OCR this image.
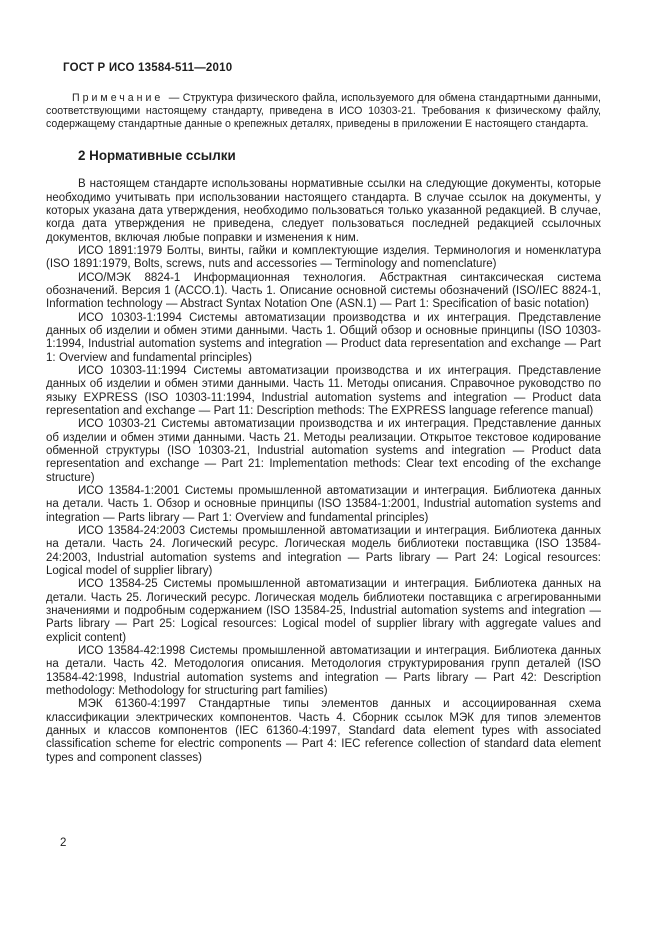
ГОСТ Р ИСО 13584-511—2010

Примечание — Структура физического файла, используемого для обмена стандартными данными, соответствующими настоящему стандарту, приведена в ИСО 10303-21. Требования к физическому файлу, содержащему стандартные данные о крепежных деталях, приведены в приложении Е настоящего стандарта.

2 Нормативные ссылки

В настоящем стандарте использованы нормативные ссылки на следующие документы, которые необходимо учитывать при использовании настоящего стандарта. В случае ссылок на документы, у которых указана дата утверждения, необходимо пользоваться только указанной редакцией. В случае, когда дата утверждения не приведена, следует пользоваться последней редакцией ссылочных документов, включая любые поправки и изменения к ним.

ИСО 1891:1979 Болты, винты, гайки и комплектующие изделия. Терминология и номенклатура (ISO 1891:1979, Bolts, screws, nuts and accessories — Terminology and nomenclature)

ИСО/МЭК 8824-1 Информационная технология. Абстрактная синтаксическая система обозначений. Версия 1 (АССО.1). Часть 1. Описание основной системы обозначений (ISO/IEC 8824-1, Information technology — Abstract Syntax Notation One (ASN.1) — Part 1: Specification of basic notation)

ИСО 10303-1:1994 Системы автоматизации производства и их интеграция. Представление данных об изделии и обмен этими данными. Часть 1. Общий обзор и основные принципы (ISO 10303-1:1994, Industrial automation systems and integration — Product data representation and exchange — Part 1: Overview and fundamental principles)

ИСО 10303-11:1994 Системы автоматизации производства и их интеграция. Представление данных об изделии и обмен этими данными. Часть 11. Методы описания. Справочное руководство по языку EXPRESS (ISO 10303-11:1994, Industrial automation systems and integration — Product data representation and exchange — Part 11: Description methods: The EXPRESS language reference manual)

ИСО 10303-21 Системы автоматизации производства и их интеграция. Представление данных об изделии и обмен этими данными. Часть 21. Методы реализации. Открытое текстовое кодирование обменной структуры (ISO 10303-21, Industrial automation systems and integration — Product data representation and exchange — Part 21: Implementation methods: Clear text encoding of the exchange structure)

ИСО 13584-1:2001 Системы промышленной автоматизации и интеграция. Библиотека данных на детали. Часть 1. Обзор и основные принципы (ISO 13584-1:2001, Industrial automation systems and integration — Parts library — Part 1: Overview and fundamental principles)

ИСО 13584-24:2003 Системы промышленной автоматизации и интеграция. Библиотека данных на детали. Часть 24. Логический ресурс. Логическая модель библиотеки поставщика (ISO 13584-24:2003, Industrial automation systems and integration — Parts library — Part 24: Logical resources: Logical model of supplier library)

ИСО 13584-25 Системы промышленной автоматизации и интеграция. Библиотека данных на детали. Часть 25. Логический ресурс. Логическая модель библиотеки поставщика с агрегированными значениями и подробным содержанием (ISO 13584-25, Industrial automation systems and integration — Parts library — Part 25: Logical resources: Logical model of supplier library with aggregate values and explicit content)

ИСО 13584-42:1998 Системы промышленной автоматизации и интеграция. Библиотека данных на детали. Часть 42. Методология описания. Методология структурирования групп деталей (ISO 13584-42:1998, Industrial automation systems and integration — Parts library — Part 42: Description methodology: Methodology for structuring part families)

МЭК 61360-4:1997 Стандартные типы элементов данных и ассоциированная схема классификации электрических компонентов. Часть 4. Сборник ссылок МЭК для типов элементов данных и классов компонентов (IEC 61360-4:1997, Standard data element types with associated classification scheme for electric components — Part 4: IEC reference collection of standard data element types and component classes)

2
